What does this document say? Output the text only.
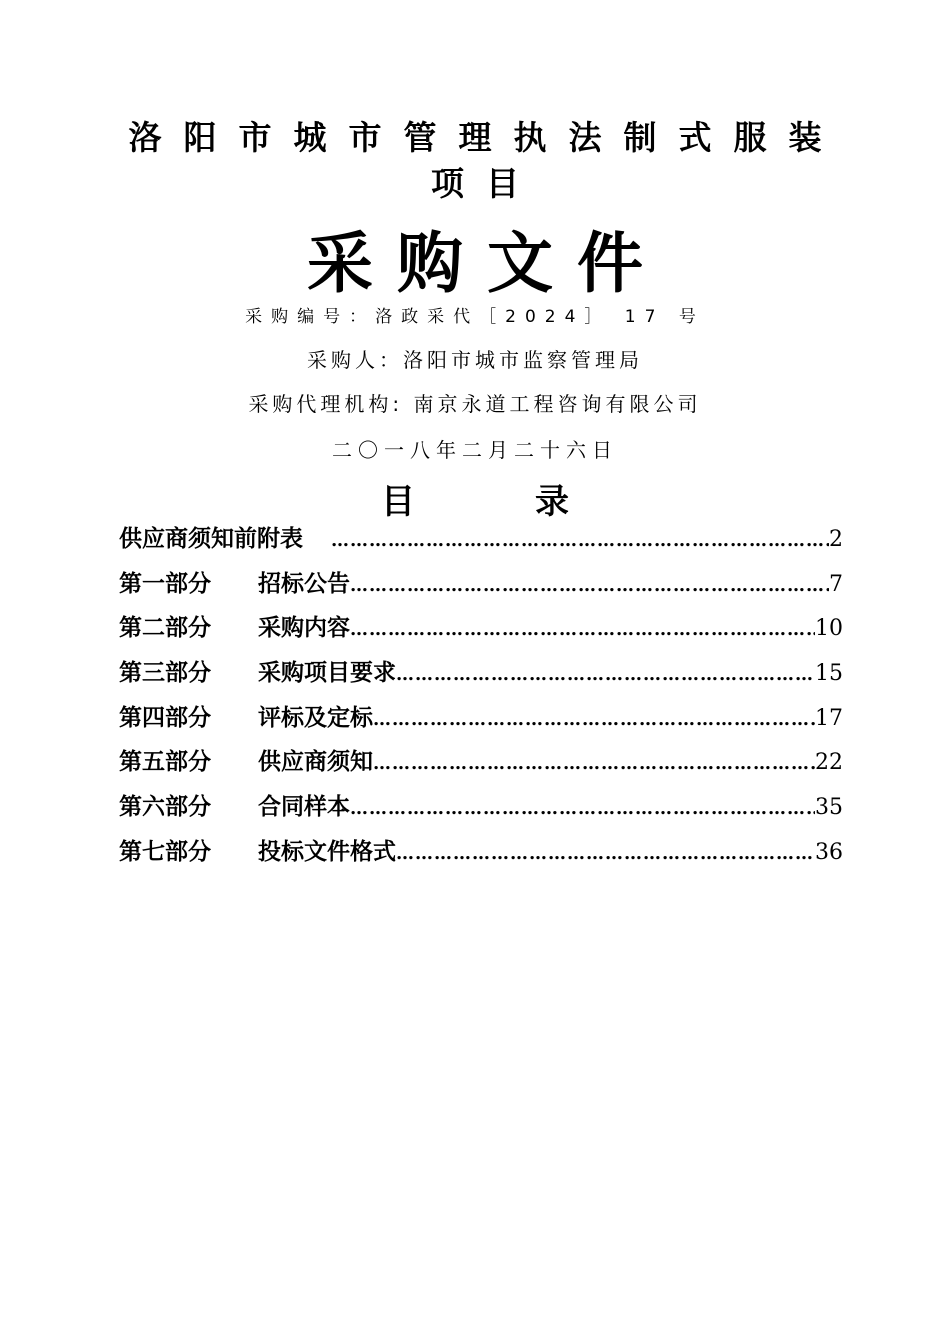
洛阳市城市管理执法制式服装
项目
采购文件
采购编号：洛政采代［2024］ 17 号
采购人：洛阳市城市监察管理局
采购代理机构: 南京永道工程咨询有限公司
二〇一八年二月二十六日
目	录
供应商须知前附表 ……………………………………………………………………………………………………	2
第一部分	招标公告 ……………………………………………………………………………………………………	7
第二部分	采购内容 ……………………………………………………………………………………………………	10
第三部分	采购项目要求 ……………………………………………………………………………………………………	15
第四部分	评标及定标 ……………………………………………………………………………………………………	17
第五部分	供应商须知 ……………………………………………………………………………………………………	22
第六部分	合同样本 ……………………………………………………………………………………………………	35
第七部分	投标文件格式 ……………………………………………………………………………………………………	36
